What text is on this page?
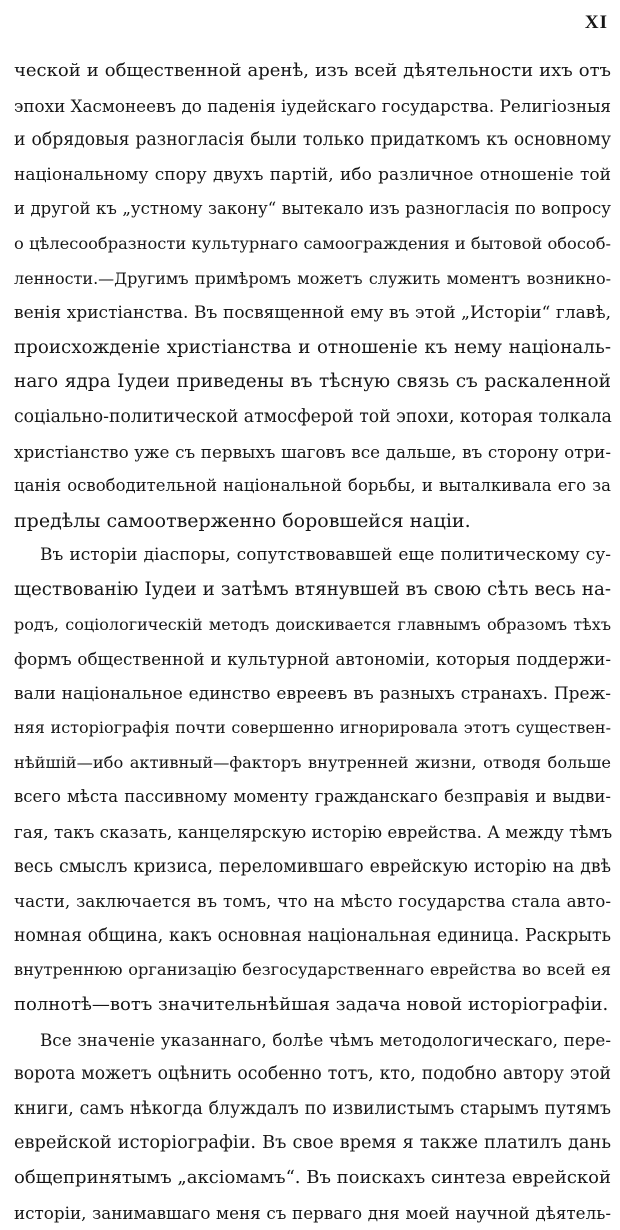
XI
ческой и общественной аренѣ, изъ всей дѣятельности ихъ отъ
эпохи Хасмонеевъ до паденія іудейскаго государства. Религіозныя
и обрядовыя разногласія были только придаткомъ къ основному
національному спору двухъ партій, ибо различное отношеніе той
и другой къ „устному закону“ вытекало изъ разногласія по вопросу
о цѣлесообразности культурнаго самоограждения и бытовой обособ-
ленности.—Другимъ примѣромъ можетъ служить моментъ возникно-
венія христіанства. Въ посвященной ему въ этой „Исторіи“ главѣ,
происхожденіе христіанства и отношеніе къ нему національ-
наго ядра Іудеи приведены въ тѣсную связь съ раскаленной
соціально-политической атмосферой той эпохи, которая толкала
христіанство уже съ первыхъ шаговъ все дальше, въ сторону отри-
цанія освободительной національной борьбы, и выталкивала его за
предѣлы самоотверженно боровшейся націи.
Въ исторіи діаспоры, сопутствовавшей еще политическому су-
ществованію Іудеи и затѣмъ втянувшей въ свою сѣть весь на-
родъ, соціологическій методъ доискивается главнымъ образомъ тѣхъ
формъ общественной и культурной автономіи, которыя поддержи-
вали національное единство евреевъ въ разныхъ странахъ. Преж-
няя исторіографія почти совершенно игнорировала этотъ существен-
нѣйшій—ибо активный—факторъ внутренней жизни, отводя больше
всего мѣста пассивному моменту гражданскаго безправія и выдви-
гая, такъ сказать, канцелярскую исторію еврейства. А между тѣмъ
весь смыслъ кризиса, переломившаго еврейскую исторію на двѣ
части, заключается въ томъ, что на мѣсто государства стала авто-
номная община, какъ основная національная единица. Раскрыть
внутреннюю организацію безгосударственнаго еврейства во всей ея
полнотѣ—вотъ значительнѣйшая задача новой исторіографіи.
Все значеніе указаннаго, болѣе чѣмъ методологическаго, перe-
ворота можетъ оцѣнить особенно тотъ, кто, подобно автору этой
книги, самъ нѣкогда блуждалъ по извилистымъ старымъ путямъ
еврейской исторіографіи. Въ свое время я также платилъ дань
общепринятымъ „аксіомамъ“. Въ поискахъ синтеза еврейской
исторіи, занимавшаго меня съ перваго дня моей научной дѣятель-
